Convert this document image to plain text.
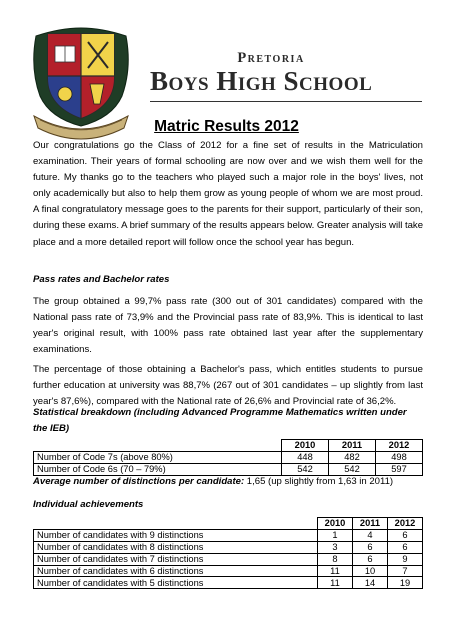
Pretoria
Boys High School
Matric Results 2012

Our congratulations go the Class of 2012 for a fine set of results in the Matriculation examination. Their years of formal schooling are now over and we wish them well for the future. My thanks go to the teachers who played such a major role in the boys' lives, not only academically but also to help them grow as young people of whom we are most proud. A final congratulatory message goes to the parents for their support, particularly of their son, during these exams. A brief summary of the results appears below. Greater analysis will take place and a more detailed report will follow once the school year has begun.

Pass rates and Bachelor rates

The group obtained a 99,7% pass rate (300 out of 301 candidates) compared with the National pass rate of 73,9% and the Provincial pass rate of 83,9%. This is identical to last year's original result, with 100% pass rate obtained last year after the supplementary examinations.

The percentage of those obtaining a Bachelor's pass, which entitles students to pursue further education at university was 88,7% (267 out of 301 candidates – up slightly from last year's 87,6%), compared with the National rate of 26,6% and Provincial rate of 36,2%.

Statistical breakdown (including Advanced Programme Mathematics written under the IEB)

	2010	2011	2012
Number of Code 7s (above 80%)	448	482	498
Number of Code 6s (70 – 79%)	542	542	597

Average number of distinctions per candidate: 1,65 (up slightly from 1,63 in 2011)

Individual achievements

	2010	2011	2012
Number of candidates with 9 distinctions	1	4	6
Number of candidates with 8 distinctions	3	6	6
Number of candidates with 7 distinctions	8	6	9
Number of candidates with 6 distinctions	11	10	7
Number of candidates with 5 distinctions	11	14	19
